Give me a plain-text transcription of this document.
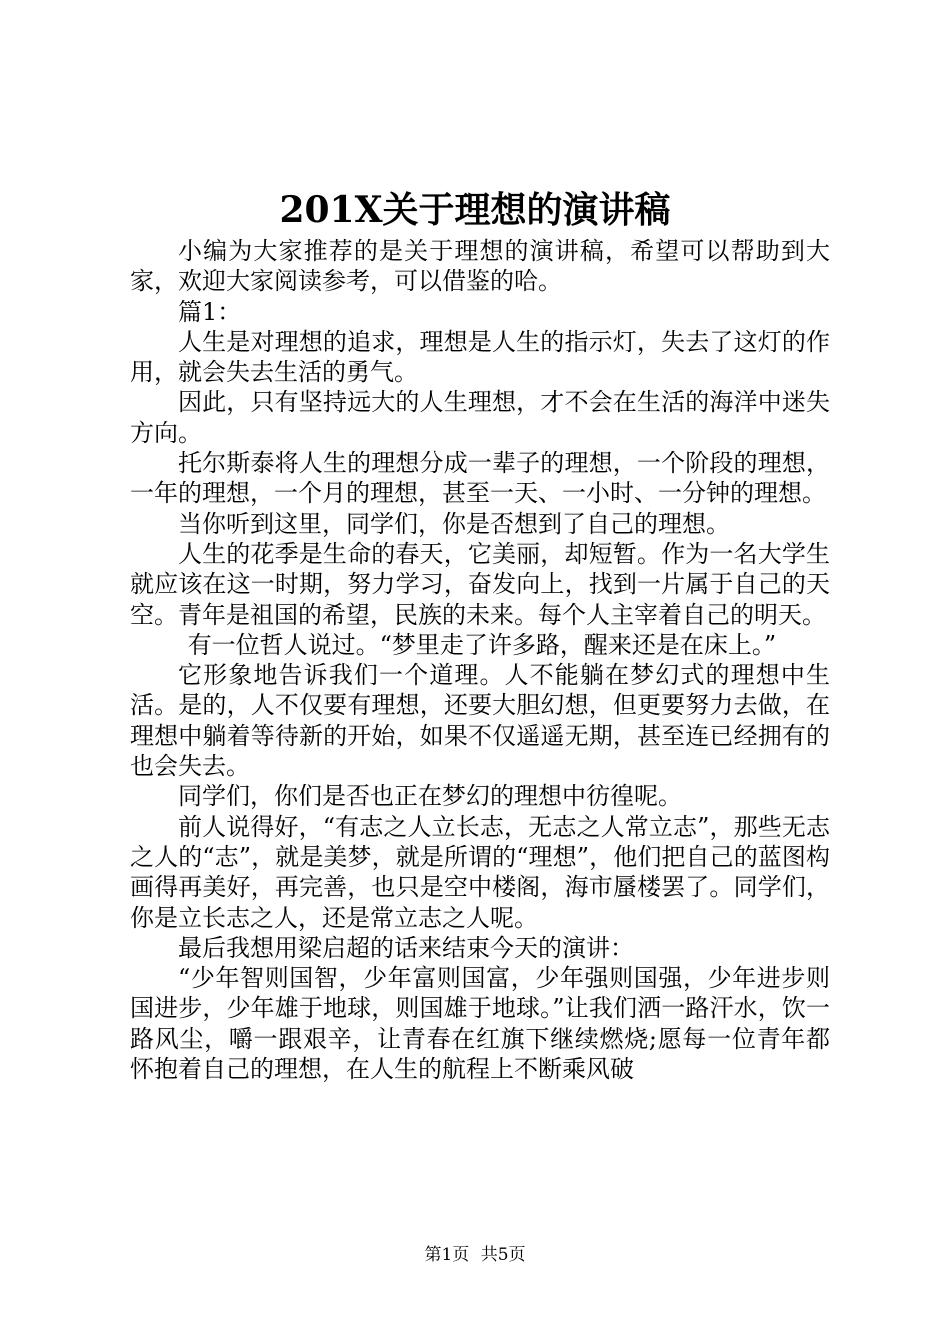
201X关于理想的演讲稿

小编为大家推荐的是关于理想的演讲稿，希望可以帮助到大家，欢迎大家阅读参考，可以借鉴的哈。

篇1：

人生是对理想的追求，理想是人生的指示灯，失去了这灯的作用，就会失去生活的勇气。

因此，只有坚持远大的人生理想，才不会在生活的海洋中迷失方向。

托尔斯泰将人生的理想分成一辈子的理想，一个阶段的理想，一年的理想，一个月的理想，甚至一天、一小时、一分钟的理想。

当你听到这里，同学们，你是否想到了自己的理想。

人生的花季是生命的春天，它美丽，却短暂。作为一名大学生就应该在这一时期，努力学习，奋发向上，找到一片属于自己的天空。青年是祖国的希望，民族的未来。每个人主宰着自己的明天。

有一位哲人说过。“梦里走了许多路，醒来还是在床上。”

它形象地告诉我们一个道理。人不能躺在梦幻式的理想中生活。是的，人不仅要有理想，还要大胆幻想，但更要努力去做，在理想中躺着等待新的开始，如果不仅遥遥无期，甚至连已经拥有的也会失去。

同学们，你们是否也正在梦幻的理想中彷徨呢。

前人说得好，“有志之人立长志，无志之人常立志”，那些无志之人的“志”，就是美梦，就是所谓的“理想”，他们把自己的蓝图构画得再美好，再完善，也只是空中楼阁，海市蜃楼罢了。同学们，你是立长志之人，还是常立志之人呢。

最后我想用梁启超的话来结束今天的演讲：

“少年智则国智，少年富则国富，少年强则国强，少年进步则国进步，少年雄于地球，则国雄于地球。”让我们洒一路汗水，饮一路风尘，嚼一跟艰辛，让青春在红旗下继续燃烧;愿每一位青年都怀抱着自己的理想，在人生的航程上不断乘风破

第1页 共5页
